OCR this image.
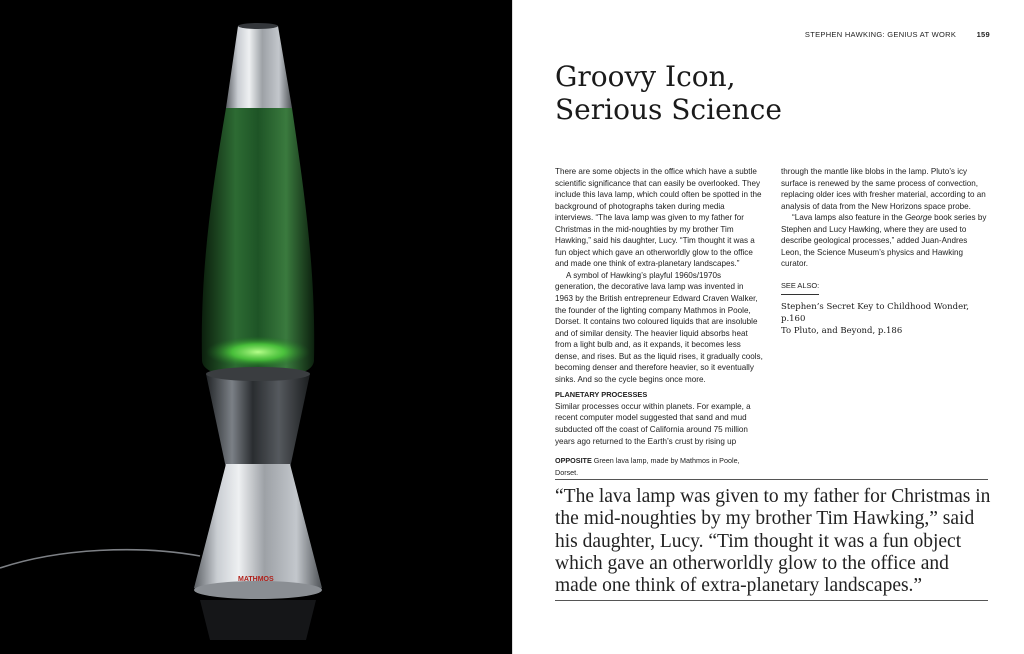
MATHMOS
STEPHEN HAWKING: GENIUS AT WORK	159
Groovy Icon,
Serious Science

There are some objects in the office which have a subtle scientific significance that can easily be overlooked. They include this lava lamp, which could often be spotted in the background of photographs taken during media interviews. “The lava lamp was given to my father for Christmas in the mid-noughties by my brother Tim Hawking,” said his daughter, Lucy. “Tim thought it was a fun object which gave an otherworldly glow to the office and made one think of extra-planetary landscapes.”

A symbol of Hawking’s playful 1960s/1970s generation, the decorative lava lamp was invented in 1963 by the British entrepreneur Edward Craven Walker, the founder of the lighting company Mathmos in Poole, Dorset. It contains two coloured liquids that are insoluble and of similar density. The heavier liquid absorbs heat from a light bulb and, as it expands, it becomes less dense, and rises. But as the liquid rises, it gradually cools, becoming denser and therefore heavier, so it eventually sinks. And so the cycle begins once more.

PLANETARY PROCESSES

Similar processes occur within planets. For example, a recent computer model suggested that sand and mud subducted off the coast of California around 75 million years ago returned to the Earth’s crust by rising up

OPPOSITE Green lava lamp, made by Mathmos in Poole, Dorset.

through the mantle like blobs in the lamp. Pluto’s icy surface is renewed by the same process of convection, replacing older ices with fresher material, according to an analysis of data from the New Horizons space probe.

“Lava lamps also feature in the George book series by Stephen and Lucy Hawking, where they are used to describe geological processes,” added Juan-Andres Leon, the Science Museum’s physics and Hawking curator.

SEE ALSO:

Stephen’s Secret Key to Childhood Wonder, p.160
To Pluto, and Beyond, p.186
“The lava lamp was given to my father for Christmas in
the mid-noughties by my brother Tim Hawking,” said
his daughter, Lucy. “Tim thought it was a fun object
which gave an otherworldly glow to the office and
made one think of extra-planetary landscapes.”
